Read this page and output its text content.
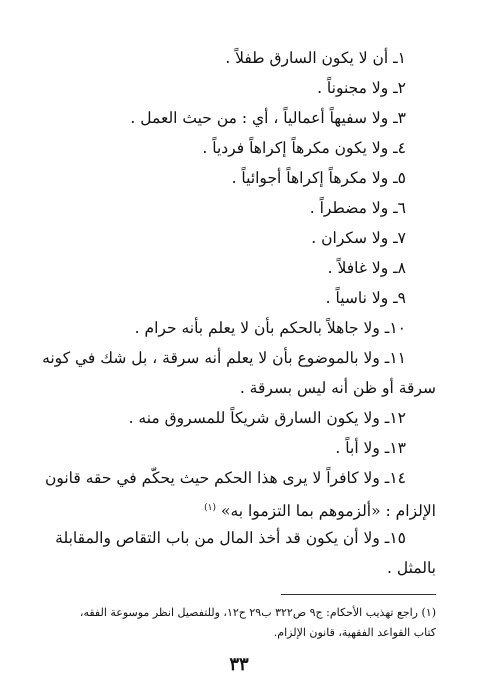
١ـ أن لا يكون السارق طفلاً .
٢ـ ولا مجنوناً .
٣ـ ولا سفيهاً أعمالياً ، أي : من حيث العمل .
٤ـ ولا يكون مكرهاً إكراهاً فردياً .
٥ـ ولا مكرهاً إكراهاً أجوائياً .
٦ـ ولا مضطراً .
٧ـ ولا سكران .
٨ـ ولا غافلاً .
٩ـ ولا ناسياً .
١٠ـ ولا جاهلاً بالحكم بأن لا يعلم بأنه حرام .
١١ـ ولا بالموضوع بأن لا يعلم أنه سرقة ، بل شك في كونه
سرقة أو ظن أنه ليس بسرقة .
١٢ـ ولا يكون السارق شريكاً للمسروق منه .
١٣ـ ولا أباً .
١٤ـ ولا كافراً لا يرى هذا الحكم حيث يحكّم في حقه قانون
الإلزام : «ألزموهم بما التزموا به» $^{(١)}$
١٥ـ ولا أن يكون قد أخذ المال من باب التقاص والمقابلة
بالمثل .
(١) راجع تهذيب الأحكام: ج٩ ص٣٢٢ ب٢٩ ح١٢، وللتفصيل انظر موسوعة الفقه،
كتاب القواعد الفقهية، قانون الإلزام.
٣٣
